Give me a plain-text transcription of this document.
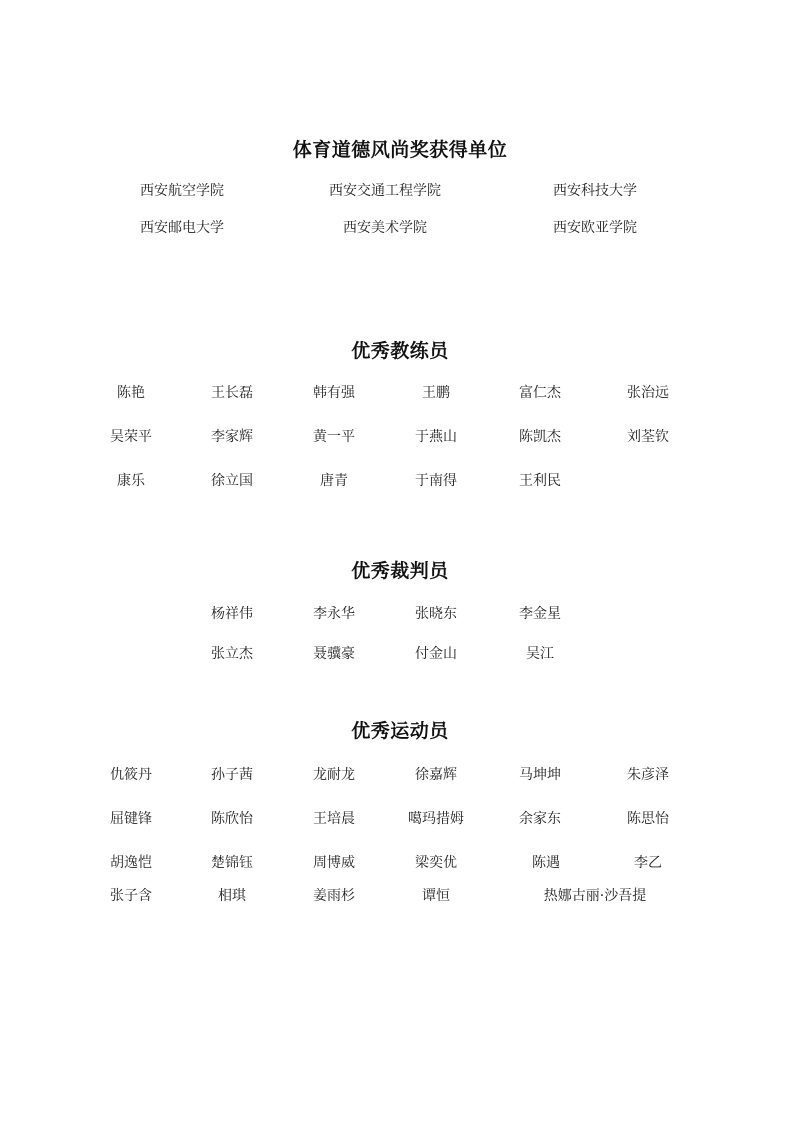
体育道德风尚奖获得单位
西安航空学院	西安交通工程学院	西安科技大学
西安邮电大学	西安美术学院	西安欧亚学院
优秀教练员
陈艳	王长磊	韩有强	王鹏	富仁杰	张治远
吴荣平	李家辉	黄一平	于燕山	陈凯杰	刘荃钦
康乐	徐立国	唐青	于南得	王利民
优秀裁判员
杨祥伟	李永华	张晓东	李金星
张立杰	聂骥豪	付金山	吴江
优秀运动员
仇筱丹	孙子茜	龙耐龙	徐嘉辉	马坤坤	朱彦泽
屈键锋	陈欣怡	王培晨	噶玛措姆	余家东	陈思怡
胡逸恺	楚锦钰	周博威	梁奕优	陈遇	李乙
张子含	相琪	姜雨杉	谭恒	热娜古丽·沙吾提
